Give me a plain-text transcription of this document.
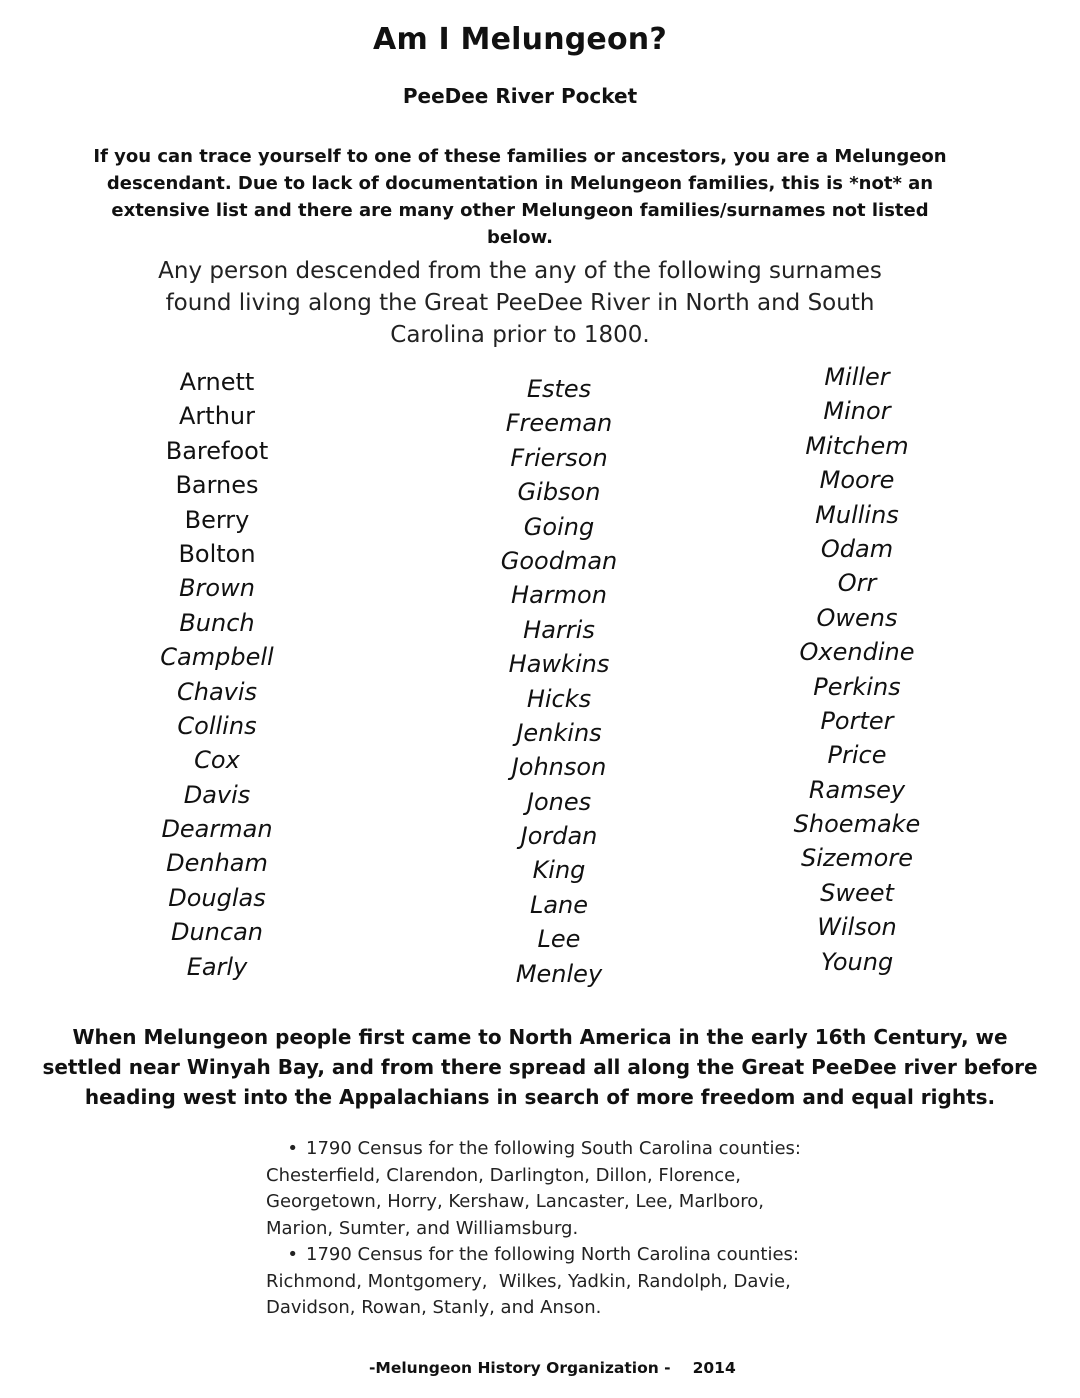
Am I Melungeon?
PeeDee River Pocket
If you can trace yourself to one of these families or ancestors, you are a Melungeon descendant. Due to lack of documentation in Melungeon families, this is *not* an extensive list and there are many other Melungeon families/surnames not listed below.
Any person descended from the any of the following surnames found living along the Great PeeDee River in North and South Carolina prior to 1800.
Arnett
Arthur
Barefoot
Barnes
Berry
Bolton
Brown
Bunch
Campbell
Chavis
Collins
Cox
Davis
Dearman
Denham
Douglas
Duncan
Early
Estes
Freeman
Frierson
Gibson
Going
Goodman
Harmon
Harris
Hawkins
Hicks
Jenkins
Johnson
Jones
Jordan
King
Lane
Lee
Menley
Miller
Minor
Mitchem
Moore
Mullins
Odam
Orr
Owens
Oxendine
Perkins
Porter
Price
Ramsey
Shoemake
Sizemore
Sweet
Wilson
Young
When Melungeon people first came to North America in the early 16th Century, we settled near Winyah Bay, and from there spread all along the Great PeeDee river before heading west into the Appalachians in search of more freedom and equal rights.
• 1790 Census for the following South Carolina counties:
Chesterfield, Clarendon, Darlington, Dillon, Florence,
Georgetown, Horry, Kershaw, Lancaster, Lee, Marlboro,
Marion, Sumter, and Williamsburg.
• 1790 Census for the following North Carolina counties:
Richmond, Montgomery,  Wilkes, Yadkin, Randolph, Davie,
Davidson, Rowan, Stanly, and Anson.
-Melungeon History Organization - 2014
